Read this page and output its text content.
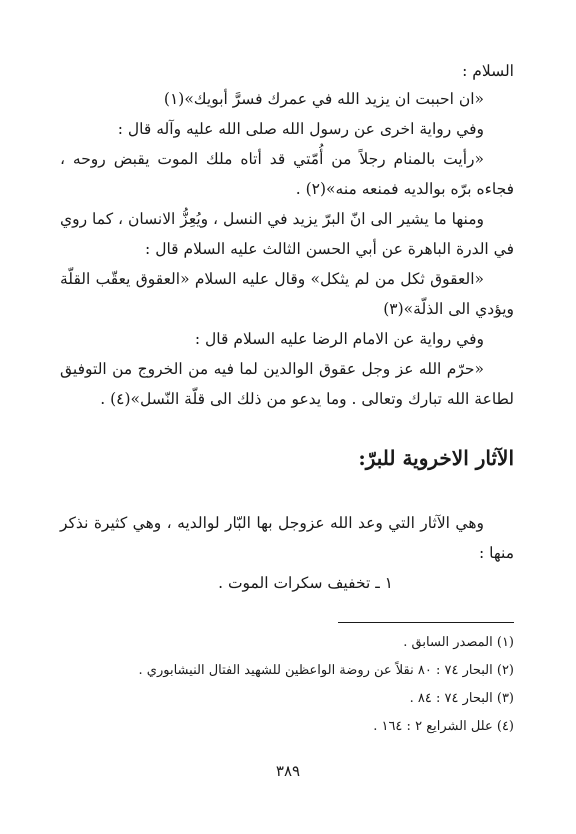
السلام :
«ان احببت ان يزيد الله في عمرك فسرَّ أبويك»(١)
وفي رواية اخرى عن رسول الله صلى الله عليه وآله قال :
«رأيت بالمنام رجلاً من أُمّتي قد أتاه ملك الموت يقبض روحه ،
فجاءه برّه بوالديه فمنعه منه»(٢) .
ومنها ما يشير الى انّ البرّ يزيد في النسل ، ويُعِزُّ الانسان ، كما روي
في الدرة الباهرة عن أبي الحسن الثالث عليه السلام قال :
«العقوق ثكل من لم يثكل» وقال عليه السلام «العقوق يعقّب القلّة
ويؤدي الى الذلّة»(٣)
وفي رواية عن الامام الرضا عليه السلام قال :
«حرّم الله عز وجل عقوق الوالدين لما فيه من الخروج من التوفيق
لطاعة الله تبارك وتعالى . وما يدعو من ذلك الى قلّة النّسل»(٤) .
الآثار الاخروية للبرّ:
وهي الآثار التي وعد الله عزوجل بها البّار لوالديه ، وهي كثيرة نذكر
منها :
١ ـ تخفيف سكرات الموت .
(١) المصدر السابق .
(٢) البحار ٧٤ : ٨٠ نقلاً عن روضة الواعظين للشهيد الفتال النيشابوري .
(٣) البحار ٧٤ : ٨٤ .
(٤) علل الشرايع ٢ : ١٦٤ .
٣٨٩
